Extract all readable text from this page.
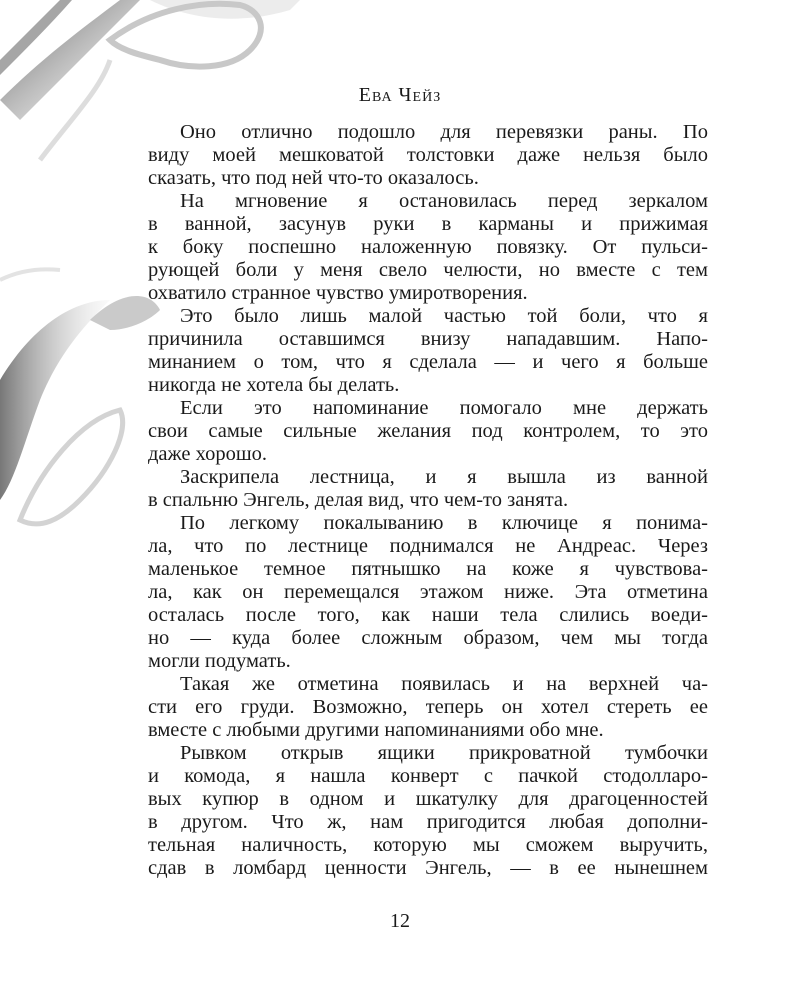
Ева Чейз

Оно отлично подошло для перевязки раны. По
виду моей мешковатой толстовки даже нельзя было
сказать, что под ней что-то оказалось.

На мгновение я остановилась перед зеркалом
в ванной, засунув руки в карманы и прижимая
к боку поспешно наложенную повязку. От пульси-
рующей боли у меня свело челюсти, но вместе с тем
охватило странное чувство умиротворения.

Это было лишь малой частью той боли, что я
причинила оставшимся внизу нападавшим. Напо-
минанием о том, что я сделала — и чего я больше
никогда не хотела бы делать.

Если это напоминание помогало мне держать
свои самые сильные желания под контролем, то это
даже хорошо.

Заскрипела лестница, и я вышла из ванной
в спальню Энгель, делая вид, что чем-то занята.

По легкому покалыванию в ключице я понима-
ла, что по лестнице поднимался не Андреас. Через
маленькое темное пятнышко на коже я чувствова-
ла, как он перемещался этажом ниже. Эта отметина
осталась после того, как наши тела слились воеди-
но — куда более сложным образом, чем мы тогда
могли подумать.

Такая же отметина появилась и на верхней ча-
сти его груди. Возможно, теперь он хотел стереть ее
вместе с любыми другими напоминаниями обо мне.

Рывком открыв ящики прикроватной тумбочки
и комода, я нашла конверт с пачкой стодолларо-
вых купюр в одном и шкатулку для драгоценностей
в другом. Что ж, нам пригодится любая дополни-
тельная наличность, которую мы сможем выручить,
сдав в ломбард ценности Энгель, — в ее нынешнем

12
